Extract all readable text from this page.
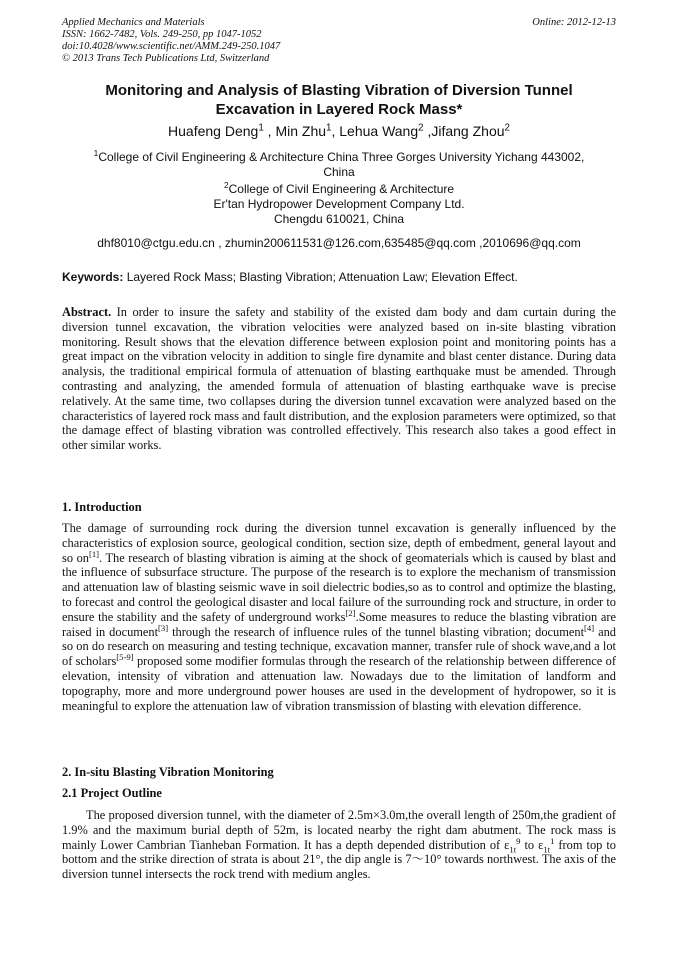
Applied Mechanics and Materials
ISSN: 1662-7482, Vols. 249-250, pp 1047-1052
doi:10.4028/www.scientific.net/AMM.249-250.1047
© 2013 Trans Tech Publications Ltd, Switzerland
Online: 2012-12-13
Monitoring and Analysis of Blasting Vibration of Diversion Tunnel
Excavation in Layered Rock Mass*
Huafeng Deng$^1$ , Min Zhu$^1$, Lehua Wang$^2$ ,Jifang Zhou$^2$
$^1$College of Civil Engineering & Architecture China Three Gorges University Yichang 443002,
China
$^2$College of Civil Engineering & Architecture
Er'tan Hydropower Development Company Ltd.
Chengdu 610021, China
dhf8010@ctgu.edu.cn , zhumin200611531@126.com,635485@qq.com ,2010696@qq.com
Keywords: Layered Rock Mass; Blasting Vibration; Attenuation Law; Elevation Effect.
Abstract. In order to insure the safety and stability of the existed dam body and dam curtain during the diversion tunnel excavation, the vibration velocities were analyzed based on in-site blasting vibration monitoring. Result shows that the elevation difference between explosion point and monitoring points has a great impact on the vibration velocity in addition to single fire dynamite and blast center distance. During data analysis, the traditional empirical formula of attenuation of blasting earthquake must be amended. Through contrasting and analyzing, the amended formula of attenuation of blasting earthquake wave is precise relatively. At the same time, two collapses during the diversion tunnel excavation were analyzed based on the characteristics of layered rock mass and fault distribution, and the explosion parameters were optimized, so that the damage effect of blasting vibration was controlled effectively. This research also takes a good effect in other similar works.
1. Introduction
The damage of surrounding rock during the diversion tunnel excavation is generally influenced by the characteristics of explosion source, geological condition, section size, depth of embedment, general layout and so on[1]. The research of blasting vibration is aiming at the shock of geomaterials which is caused by blast and the influence of subsurface structure. The purpose of the research is to explore the mechanism of transmission and attenuation law of blasting seismic wave in soil dielectric bodies,so as to control and optimize the blasting, to forecast and control the geological disaster and local failure of the surrounding rock and structure, in order to ensure the stability and the safety of underground works[2].Some measures to reduce the blasting vibration are raised in document[3] through the research of influence rules of the tunnel blasting vibration; document[4] and so on do research on measuring and testing technique, excavation manner, transfer rule of shock wave,and a lot of scholars[5-9] proposed some modifier formulas through the research of the relationship between difference of elevation, intensity of vibration and attenuation law. Nowadays due to the limitation of landform and topography, more and more underground power houses are used in the development of hydropower, so it is meaningful to explore the attenuation law of vibration transmission of blasting with elevation difference.
2. In-situ Blasting Vibration Monitoring
2.1 Project Outline
The proposed diversion tunnel, with the diameter of 2.5m×3.0m,the overall length of 250m,the gradient of 1.9% and the maximum burial depth of 52m, is located nearby the right dam abutment. The rock mass is mainly Lower Cambrian Tianheban Formation. It has a depth depended distribution of $\varepsilon_{1t}^9$ to $\varepsilon_{1t}^1$ from top to bottom and the strike direction of strata is about 21°, the dip angle is 7～10° towards northwest. The axis of the diversion tunnel intersects the rock trend with medium angles.
